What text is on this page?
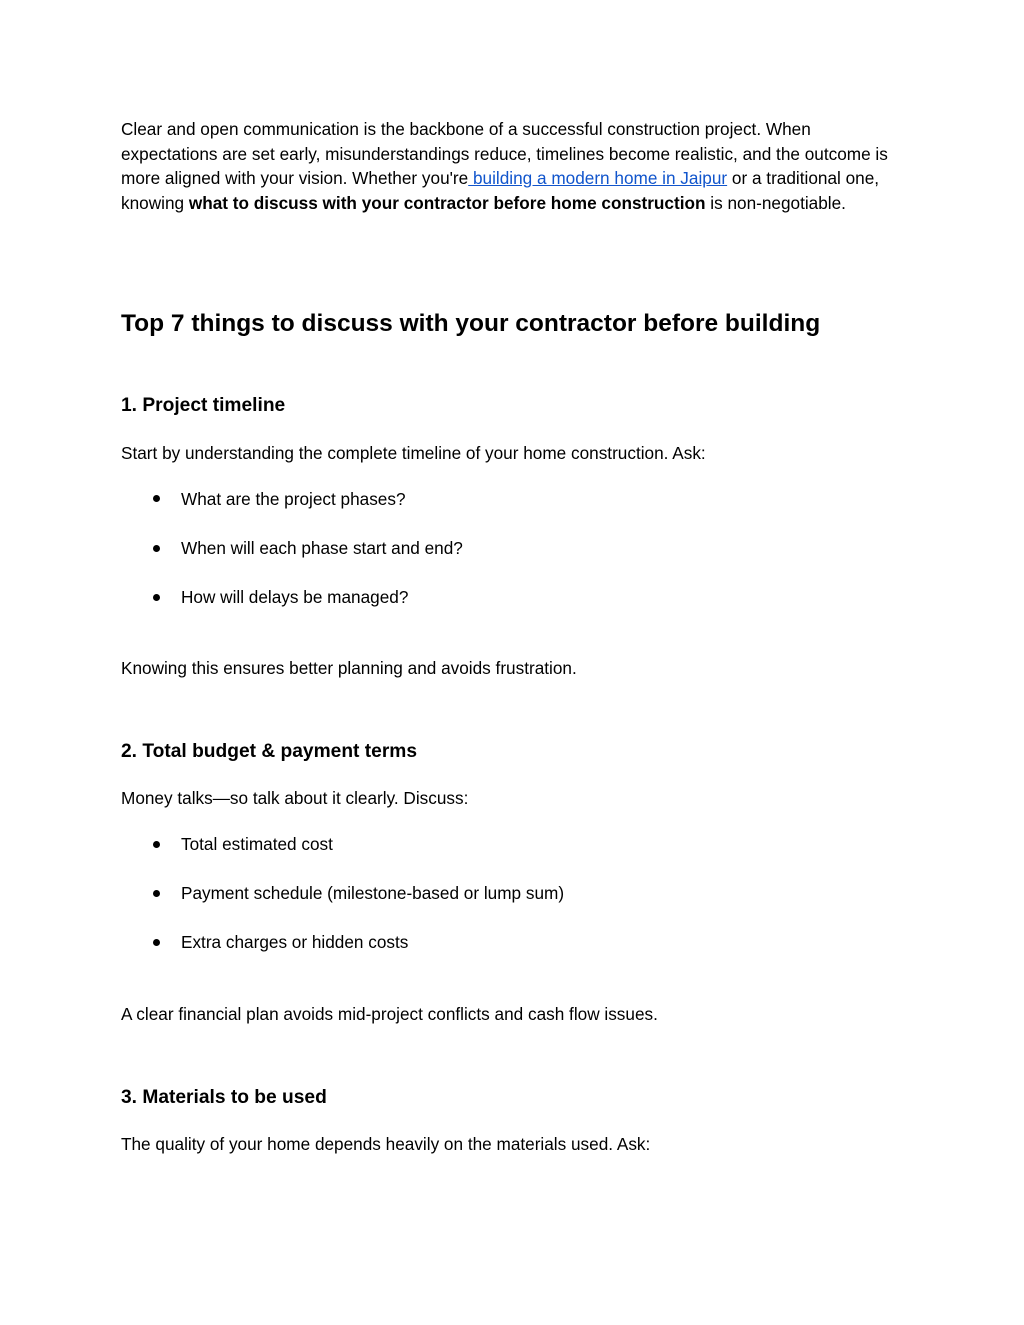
Clear and open communication is the backbone of a successful construction project. When expectations are set early, misunderstandings reduce, timelines become realistic, and the outcome is more aligned with your vision. Whether you're building a modern home in Jaipur or a traditional one, knowing what to discuss with your contractor before home construction is non-negotiable.

Top 7 things to discuss with your contractor before building
1. Project timeline

Start by understanding the complete timeline of your home construction. Ask:

What are the project phases?
When will each phase start and end?
How will delays be managed?

Knowing this ensures better planning and avoids frustration.

2. Total budget & payment terms

Money talks—so talk about it clearly. Discuss:

Total estimated cost
Payment schedule (milestone-based or lump sum)
Extra charges or hidden costs

A clear financial plan avoids mid-project conflicts and cash flow issues.

3. Materials to be used

The quality of your home depends heavily on the materials used. Ask:
